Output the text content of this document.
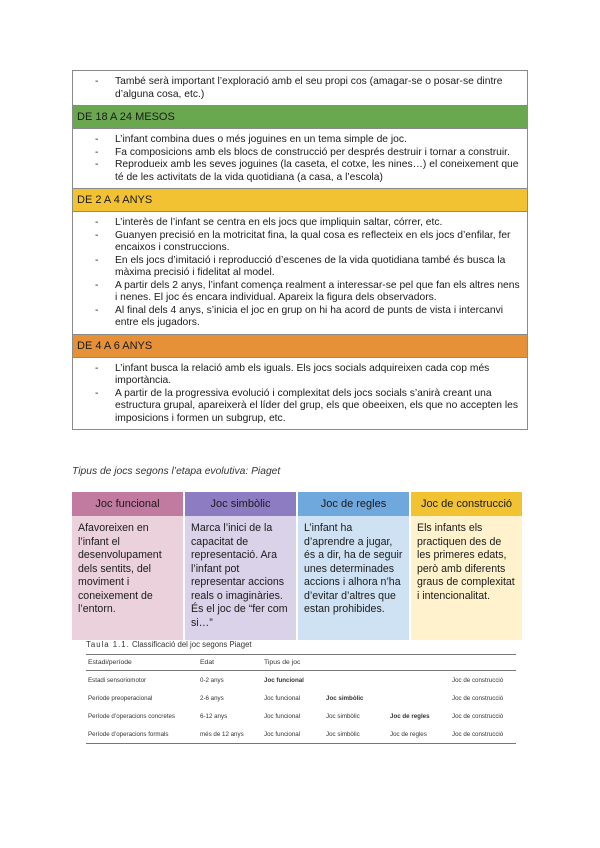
- També serà important l’exploració amb el seu propi cos (amagar-se o posar-se dintre d’alguna cosa, etc.)
DE 18 A 24 MESOS
- L’infant combina dues o més joguines en un tema simple de joc.
- Fa composicions amb els blocs de construcció per després destruir i tornar a construir.
- Reprodueix amb les seves joguines (la caseta, el cotxe, les nines…) el coneixement que té de les activitats de la vida quotidiana (a casa, a l’escola)
DE 2 A 4 ANYS
- L’interès de l’infant se centra en els jocs que impliquin saltar, córrer, etc.
- Guanyen precisió en la motricitat fina, la qual cosa es reflecteix en els jocs d’enfilar, fer encaixos i construccions.
- En els jocs d’imitació i reproducció d’escenes de la vida quotidiana també és busca la màxima precisió i fidelitat al model.
- A partir dels 2 anys, l’infant comença realment a interessar-se pel que fan els altres nens i nenes. El joc és encara individual. Apareix la figura dels observadors.
- Al final dels 4 anys, s’inicia el joc en grup on hi ha acord de punts de vista i intercanvi entre els jugadors.
DE 4 A 6 ANYS
- L’infant busca la relació amb els iguals. Els jocs socials adquireixen cada cop més importància.
- A partir de la progressiva evolució i complexitat dels jocs socials s’anirà creant una estructura grupal, apareixerà el líder del grup, els que obeeixen, els que no accepten les imposicions i formen un subgrup, etc.
Tipus de jocs segons l’etapa evolutiva: Piaget
Joc funcional
Afavoreixen en l’infant el desenvolupament dels sentits, del moviment i coneixement de l’entorn.
Joc simbòlic
Marca l’inici de la capacitat de representació. Ara l’infant pot representar accions reals o imaginàries. És el joc de “fer com si…”
Joc de regles
L’infant ha d’aprendre a jugar, és a dir, ha de seguir unes determinades accions i alhora n’ha d’evitar d’altres que estan prohibides.
Joc de construcció
Els infants els practiquen des de les primeres edats, però amb diferents graus de complexitat i intencionalitat.
Taula 1.1. Classificació del joc segons Piaget
Estadi/període	Edat	Tipus de joc			

Estadi sensoriomotor	0-2 anys	Joc funcional			Joc de construcció
Període preoperacional	2-6 anys	Joc funcional	Joc simbòlic		Joc de construcció
Període d’operacions concretes	6-12 anys	Joc funcional	Joc simbòlic	Joc de regles	Joc de construcció
Període d’operacions formals	més de 12 anys	Joc funcional	Joc simbòlic	Joc de regles	Joc de construcció
